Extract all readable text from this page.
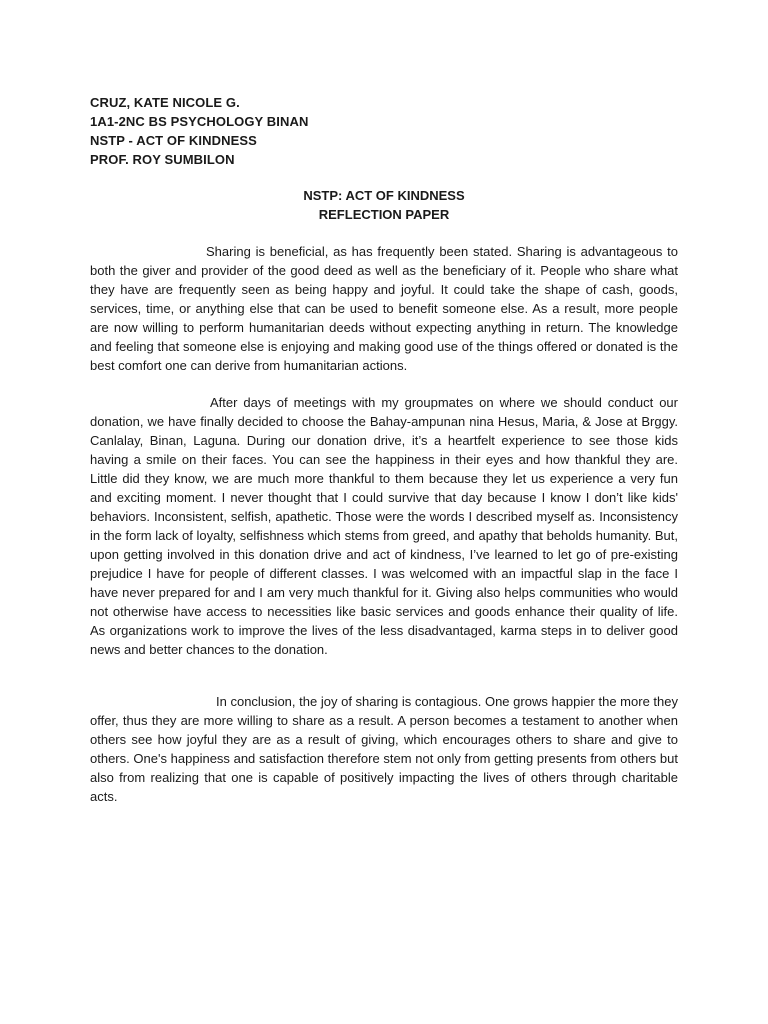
CRUZ, KATE NICOLE G.
1A1-2NC BS PSYCHOLOGY BINAN
NSTP - ACT OF KINDNESS
PROF. ROY SUMBILON
NSTP: ACT OF KINDNESS
REFLECTION PAPER

Sharing is beneficial, as has frequently been stated. Sharing is advantageous to both the giver and provider of the good deed as well as the beneficiary of it. People who share what they have are frequently seen as being happy and joyful. It could take the shape of cash, goods, services, time, or anything else that can be used to benefit someone else. As a result, more people are now willing to perform humanitarian deeds without expecting anything in return. The knowledge and feeling that someone else is enjoying and making good use of the things offered or donated is the best comfort one can derive from humanitarian actions.

After days of meetings with my groupmates on where we should conduct our donation, we have finally decided to choose the Bahay-ampunan nina Hesus, Maria, & Jose at Brggy. Canlalay, Binan, Laguna. During our donation drive, it’s a heartfelt experience to see those kids having a smile on their faces. You can see the happiness in their eyes and how thankful they are. Little did they know, we are much more thankful to them because they let us experience a very fun and exciting moment. I never thought that I could survive that day because I know I don’t like kids' behaviors. Inconsistent, selfish, apathetic. Those were the words I described myself as. Inconsistency in the form lack of loyalty, selfishness which stems from greed, and apathy that beholds humanity. But, upon getting involved in this donation drive and act of kindness, I’ve learned to let go of pre-existing prejudice I have for people of different classes. I was welcomed with an impactful slap in the face I have never prepared for and I am very much thankful for it. Giving also helps communities who would not otherwise have access to necessities like basic services and goods enhance their quality of life. As organizations work to improve the lives of the less disadvantaged, karma steps in to deliver good news and better chances to the donation.

In conclusion, the joy of sharing is contagious. One grows happier the more they offer, thus they are more willing to share as a result. A person becomes a testament to another when others see how joyful they are as a result of giving, which encourages others to share and give to others. One's happiness and satisfaction therefore stem not only from getting presents from others but also from realizing that one is capable of positively impacting the lives of others through charitable acts.
